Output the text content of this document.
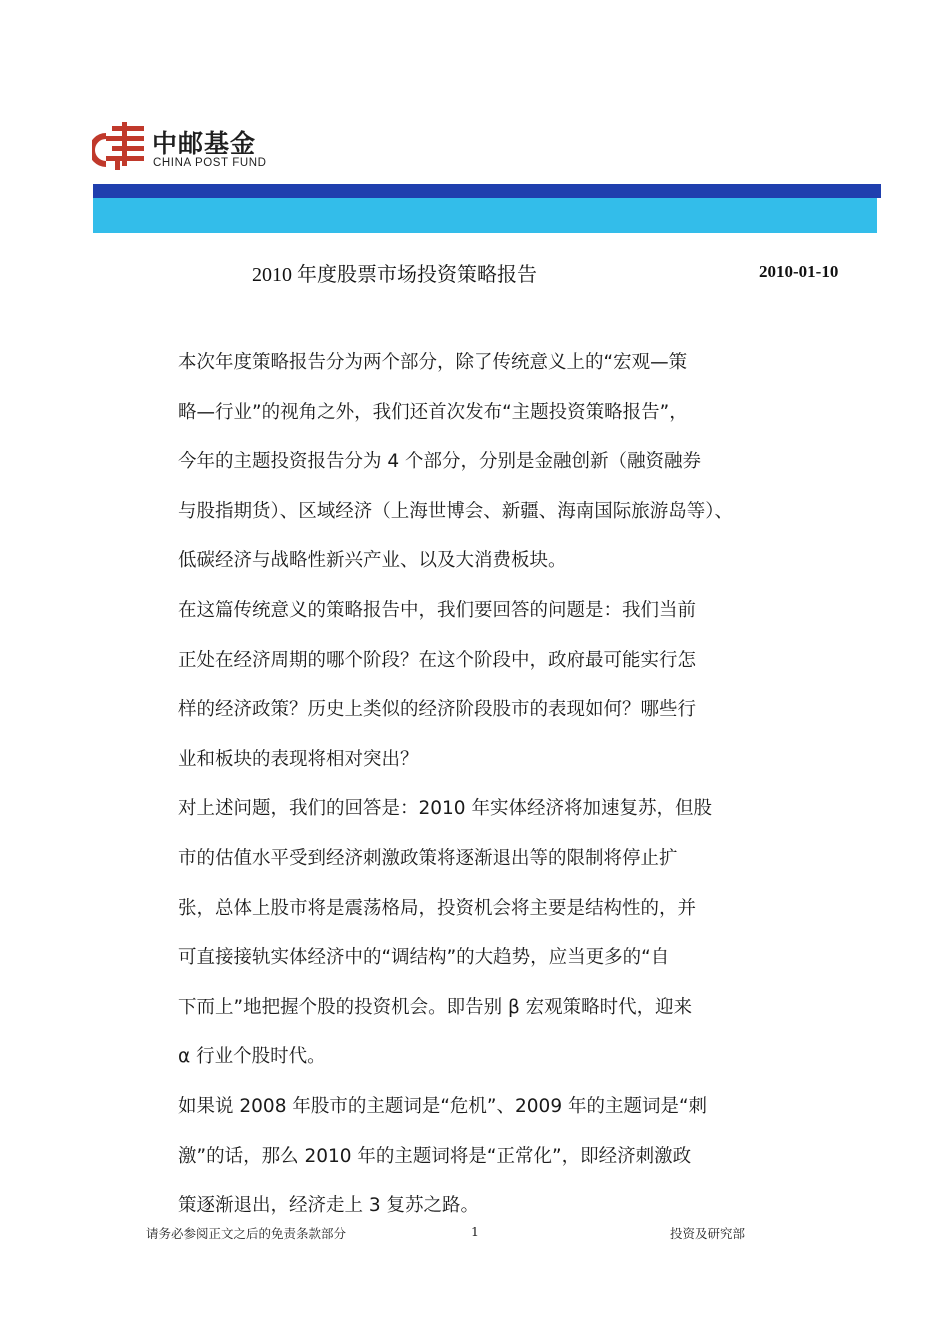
中邮基金
CHINA POST FUND
2010 年度股票市场投资策略报告	2010-01-10
本次年度策略报告分为两个部分，除了传统意义上的“宏观—策
略—行业”的视角之外，我们还首次发布“主题投资策略报告”，
今年的主题投资报告分为 4 个部分，分别是金融创新（融资融券
与股指期货）、区域经济（上海世博会、新疆、海南国际旅游岛等）、
低碳经济与战略性新兴产业、以及大消费板块。
在这篇传统意义的策略报告中，我们要回答的问题是：我们当前
正处在经济周期的哪个阶段？在这个阶段中，政府最可能实行怎
样的经济政策？历史上类似的经济阶段股市的表现如何？哪些行
业和板块的表现将相对突出？
对上述问题，我们的回答是：2010 年实体经济将加速复苏，但股
市的估值水平受到经济刺激政策将逐渐退出等的限制将停止扩
张，总体上股市将是震荡格局，投资机会将主要是结构性的，并
可直接接轨实体经济中的“调结构”的大趋势，应当更多的“自
下而上”地把握个股的投资机会。即告别 β 宏观策略时代，迎来
α 行业个股时代。
如果说 2008 年股市的主题词是“危机”、2009 年的主题词是“刺
激”的话，那么 2010 年的主题词将是“正常化”，即经济刺激政
策逐渐退出，经济走上 3 复苏之路。
请务必参阅正文之后的免责条款部分	1	投资及研究部
